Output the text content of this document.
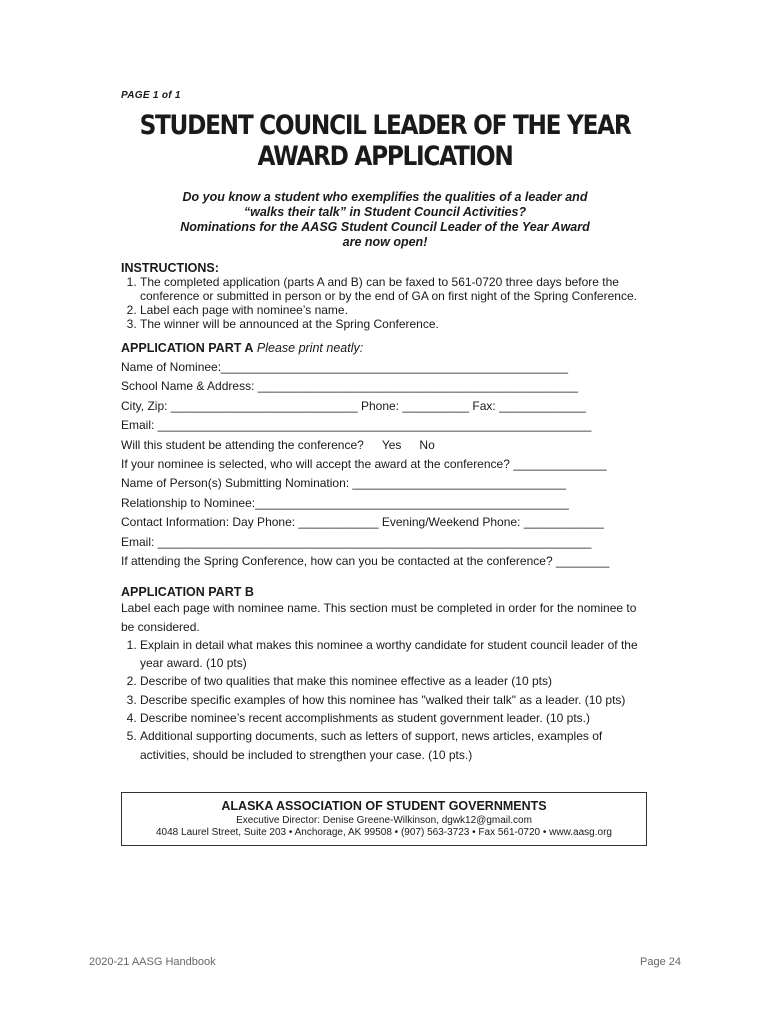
PAGE 1 of 1
STUDENT COUNCIL LEADER OF THE YEAR
AWARD APPLICATION
Do you know a student who exemplifies the qualities of a leader and
“walks their talk” in Student Council Activities?
Nominations for the AASG Student Council Leader of the Year Award
are now open!
INSTRUCTIONS:
1. The completed application (parts A and B) can be faxed to 561-0720 three days before the conference or submitted in person or by the end of GA on first night of the Spring Conference.
2. Label each page with nominee’s name.
3. The winner will be announced at the Spring Conference.
APPLICATION PART A Please print neatly:
Name of Nominee:____________________________________________________
School Name & Address: ________________________________________________
City, Zip: ____________________________ Phone: __________ Fax: _____________
Email: _________________________________________________________________
Will this student be attending the conference? Yes No
If your nominee is selected, who will accept the award at the conference? ______________
Name of Person(s) Submitting Nomination: ________________________________
Relationship to Nominee:_______________________________________________
Contact Information: Day Phone: ____________ Evening/Weekend Phone: ____________
Email: _________________________________________________________________
If attending the Spring Conference, how can you be contacted at the conference? ________
APPLICATION PART B
Label each page with nominee name. This section must be completed in order for the nominee to be considered.
1. Explain in detail what makes this nominee a worthy candidate for student council leader of the year award. (10 pts)
2. Describe of two qualities that make this nominee effective as a leader (10 pts)
3. Describe specific examples of how this nominee has "walked their talk" as a leader. (10 pts)
4. Describe nominee’s recent accomplishments as student government leader. (10 pts.)
5. Additional supporting documents, such as letters of support, news articles, examples of activities, should be included to strengthen your case. (10 pts.)
ALASKA ASSOCIATION OF STUDENT GOVERNMENTS
Executive Director: Denise Greene-Wilkinson, dgwk12@gmail.com
4048 Laurel Street, Suite 203 • Anchorage, AK 99508 • (907) 563-3723 • Fax 561-0720 • www.aasg.org
2020-21 AASG Handbook	Page 24
